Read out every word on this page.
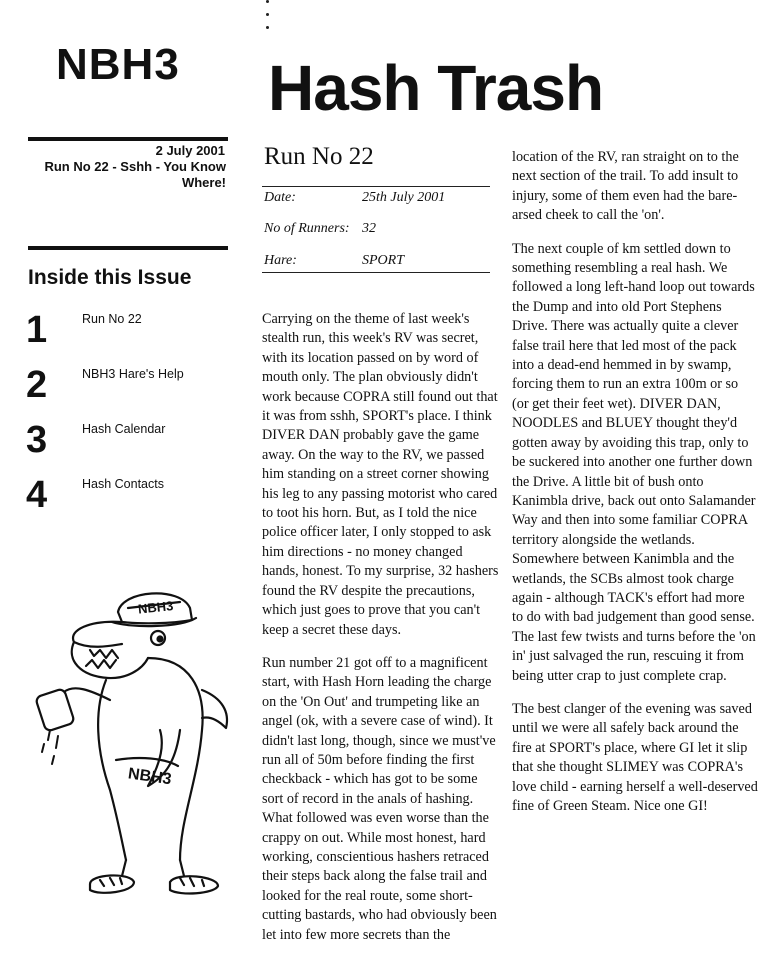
NBH3
2 July 2001
Run No 22 - Sshh - You Know Where!
Inside this Issue
1	Run No 22
2	NBH3 Hare's Help
3	Hash Calendar
4	Hash Contacts
NBH3
NBH3
Hash Trash
Run No 22
Date:	25th July 2001
No of Runners: 32
Hare:	SPORT

Carrying on the theme of last week's stealth run, this week's RV was secret, with its location passed on by word of mouth only. The plan obviously didn't work because COPRA still found out that it was from sshh, SPORT's place. I think DIVER DAN probably gave the game away. On the way to the RV, we passed him standing on a street corner showing his leg to any passing motorist who cared to toot his horn. But, as I told the nice police officer later, I only stopped to ask him directions - no money changed hands, honest. To my surprise, 32 hashers found the RV despite the precautions, which just goes to prove that you can't keep a secret these days.

Run number 21 got off to a magnificent start, with Hash Horn leading the charge on the 'On Out' and trumpeting like an angel (ok, with a severe case of wind). It didn't last long, though, since we must've run all of 50m before finding the first checkback - which has got to be some sort of record in the anals of hashing. What followed was even worse than the crappy on out. While most honest, hard working, conscientious hashers retraced their steps back along the false trail and looked for the real route, some short-cutting bastards, who had obviously been let into few more secrets than the

location of the RV, ran straight on to the next section of the trail. To add insult to injury, some of them even had the bare-arsed cheek to call the 'on'.

The next couple of km settled down to something resembling a real hash. We followed a long left-hand loop out towards the Dump and into old Port Stephens Drive. There was actually quite a clever false trail here that led most of the pack into a dead-end hemmed in by swamp, forcing them to run an extra 100m or so (or get their feet wet). DIVER DAN, NOODLES and BLUEY thought they'd gotten away by avoiding this trap, only to be suckered into another one further down the Drive. A little bit of bush onto Kanimbla drive, back out onto Salamander Way and then into some familiar COPRA territory alongside the wetlands. Somewhere between Kanimbla and the wetlands, the SCBs almost took charge again - although TACK's effort had more to do with bad judgement than good sense. The last few twists and turns before the 'on in' just salvaged the run, rescuing it from being utter crap to just complete crap.

The best clanger of the evening was saved until we were all safely back around the fire at SPORT's place, where GI let it slip that she thought SLIMEY was COPRA's love child - earning herself a well-deserved fine of Green Steam. Nice one GI!
